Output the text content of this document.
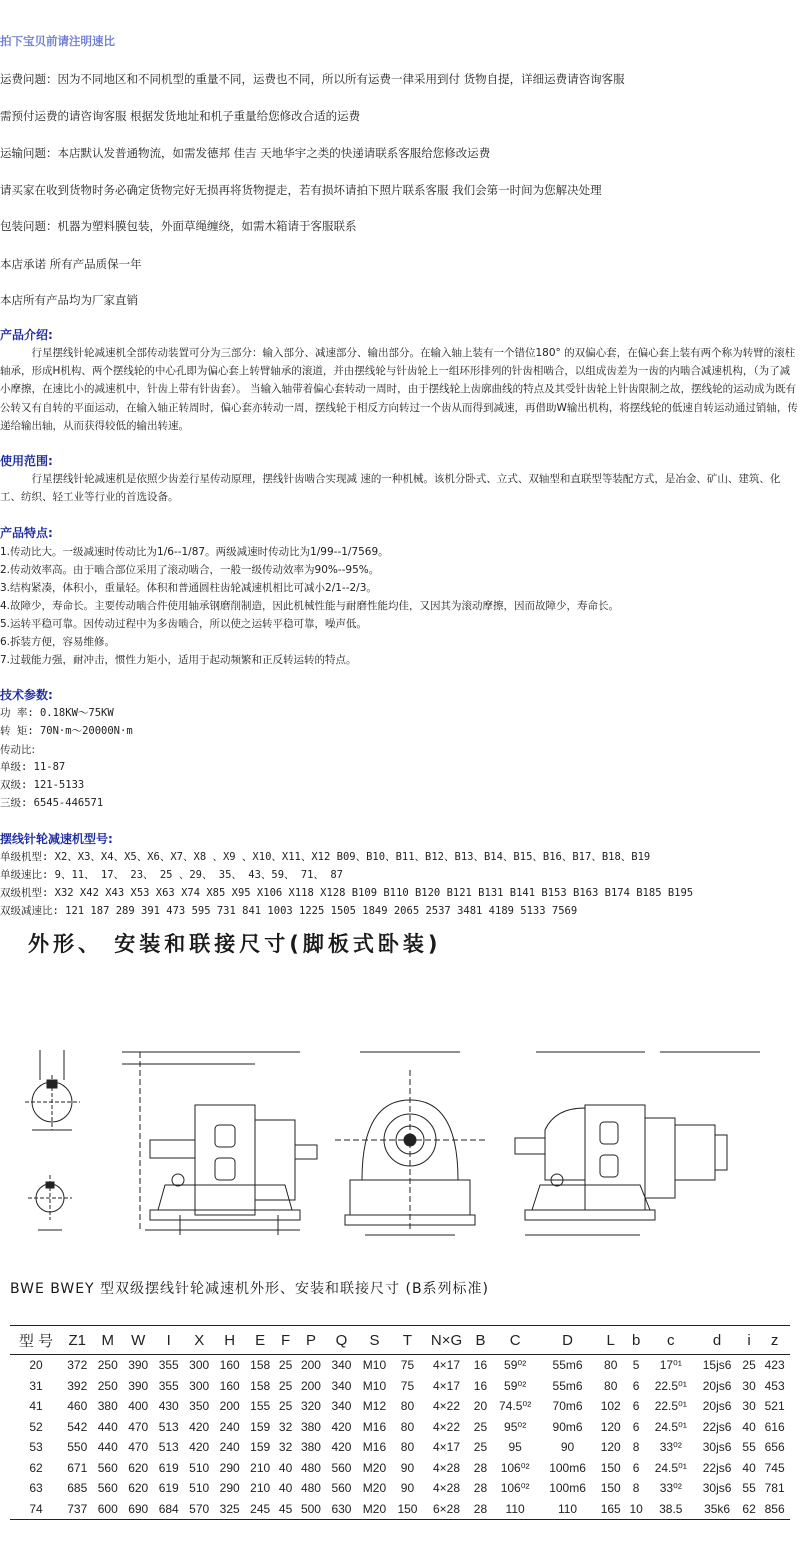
拍下宝贝前请注明速比
运费问题：因为不同地区和不同机型的重量不同，运费也不同，所以所有运费一律采用到付 货物自提，详细运费请咨询客服
需预付运费的请咨询客服 根据发货地址和机子重量给您修改合适的运费
运输问题：本店默认发普通物流，如需发德邦 佳吉 天地华宇之类的快递请联系客服给您修改运费
请买家在收到货物时务必确定货物完好无损再将货物提走，若有损坏请拍下照片联系客服 我们会第一时间为您解决处理
包装问题：机器为塑料膜包装，外面草绳缠绕，如需木箱请于客服联系
本店承诺 所有产品质保一年
本店所有产品均为厂家直销
产品介绍:
　　　行星摆线针轮减速机全部传动装置可分为三部分：输入部分、减速部分、输出部分。在输入轴上装有一个错位180° 的双偏心套，在偏心套上装有两个称为转臂的滚柱轴承，形成H机构、两个摆线轮的中心孔即为偏心套上转臂轴承的滚道，并由摆线轮与针齿轮上一组环形排列的针齿相啮合，以组成齿差为一齿的内啮合减速机构，（为了减小摩擦，在速比小的减速机中，针齿上带有针齿套）。 当输入轴带着偏心套转动一周时，由于摆线轮上齿廓曲线的特点及其受针齿轮上针齿限制之故，摆线轮的运动成为既有公转又有自转的平面运动，在输入轴正转周时，偏心套亦转动一周，摆线轮于相反方向转过一个齿从而得到减速，再借助W输出机构，将摆线轮的低速自转运动通过销轴，传递给输出轴，从而获得较低的输出转速。
使用范围:
　　　行星摆线针轮减速机是依照少齿差行星传动原理，摆线针齿啮合实现减 速的一种机械。该机分卧式、立式、双轴型和直联型等装配方式，是冶金、矿山、建筑、化工、纺织、轻工业等行业的首选设备。
产品特点:
1.传动比大。一级减速时传动比为1/6--1/87。两级减速时传动比为1/99--1/7569。
2.传动效率高。由于啮合部位采用了滚动啮合，一般一级传动效率为90%--95%。
3.结构紧凑，体积小，重量轻。体积和普通圆柱齿轮减速机相比可减小2/1--2/3。
4.故障少，寿命长。主要传动啮合件使用轴承钢磨削制造，因此机械性能与耐磨性能均佳，又因其为滚动摩擦，因而故障少，寿命长。
5.运转平稳可靠。因传动过程中为多齿啮合，所以使之运转平稳可靠，噪声低。
6.拆装方便，容易维修。
7.过载能力强，耐冲击，惯性力矩小，适用于起动频繁和正反转运转的特点。
技术参数:
功 率: 0.18KW～75KW
转 矩: 70N·m～20000N·m
传动比:
单级: 11-87
双级: 121-5133
三级: 6545-446571
摆线针轮减速机型号:
单级机型: X2、X3、X4、X5、X6、X7、X8 、X9 、X10、X11、X12 B09、B10、B11、B12、B13、B14、B15、B16、B17、B18、B19
单级速比: 9、11、 17、 23、 25 、29、 35、 43、59、 71、 87
双级机型: X32 X42 X43 X53 X63 X74 X85 X95 X106 X118 X128 B109 B110 B120 B121 B131 B141 B153 B163 B174 B185 B195
双级减速比: 121 187 289 391 473 595 731 841 1003 1225 1505 1849 2065 2537 3481 4189 5133 7569
外形、 安装和联接尺寸(脚板式卧装)
BWE BWEY 型双级摆线针轮减速机外形、安装和联接尺寸 (B系列标准)
型 号	Z1	M	W	I	X	H	E	F	P	Q	S	T	N×G	B	C	D	L	b	c	d	i	z
20	372	250	390	355	300	160	158	25	200	340	M10	75	4×17	16	59⁰²	55m6	80	5	17⁰¹	15js6	25	423
31	392	250	390	355	300	160	158	25	200	340	M10	75	4×17	16	59⁰²	55m6	80	6	22.5⁰¹	20js6	30	453
41	460	380	400	430	350	200	155	25	320	340	M12	80	4×22	20	74.5⁰²	70m6	102	6	22.5⁰¹	20js6	30	521
52	542	440	470	513	420	240	159	32	380	420	M16	80	4×22	25	95⁰²	90m6	120	6	24.5⁰¹	22js6	40	616
53	550	440	470	513	420	240	159	32	380	420	M16	80	4×17	25	95	90	120	8	33⁰²	30js6	55	656
62	671	560	620	619	510	290	210	40	480	560	M20	90	4×28	28	106⁰²	100m6	150	6	24.5⁰¹	22js6	40	745
63	685	560	620	619	510	290	210	40	480	560	M20	90	4×28	28	106⁰²	100m6	150	8	33⁰²	30js6	55	781
74	737	600	690	684	570	325	245	45	500	630	M20	150	6×28	28	110	110	165	10	38.5	35k6	62	856
